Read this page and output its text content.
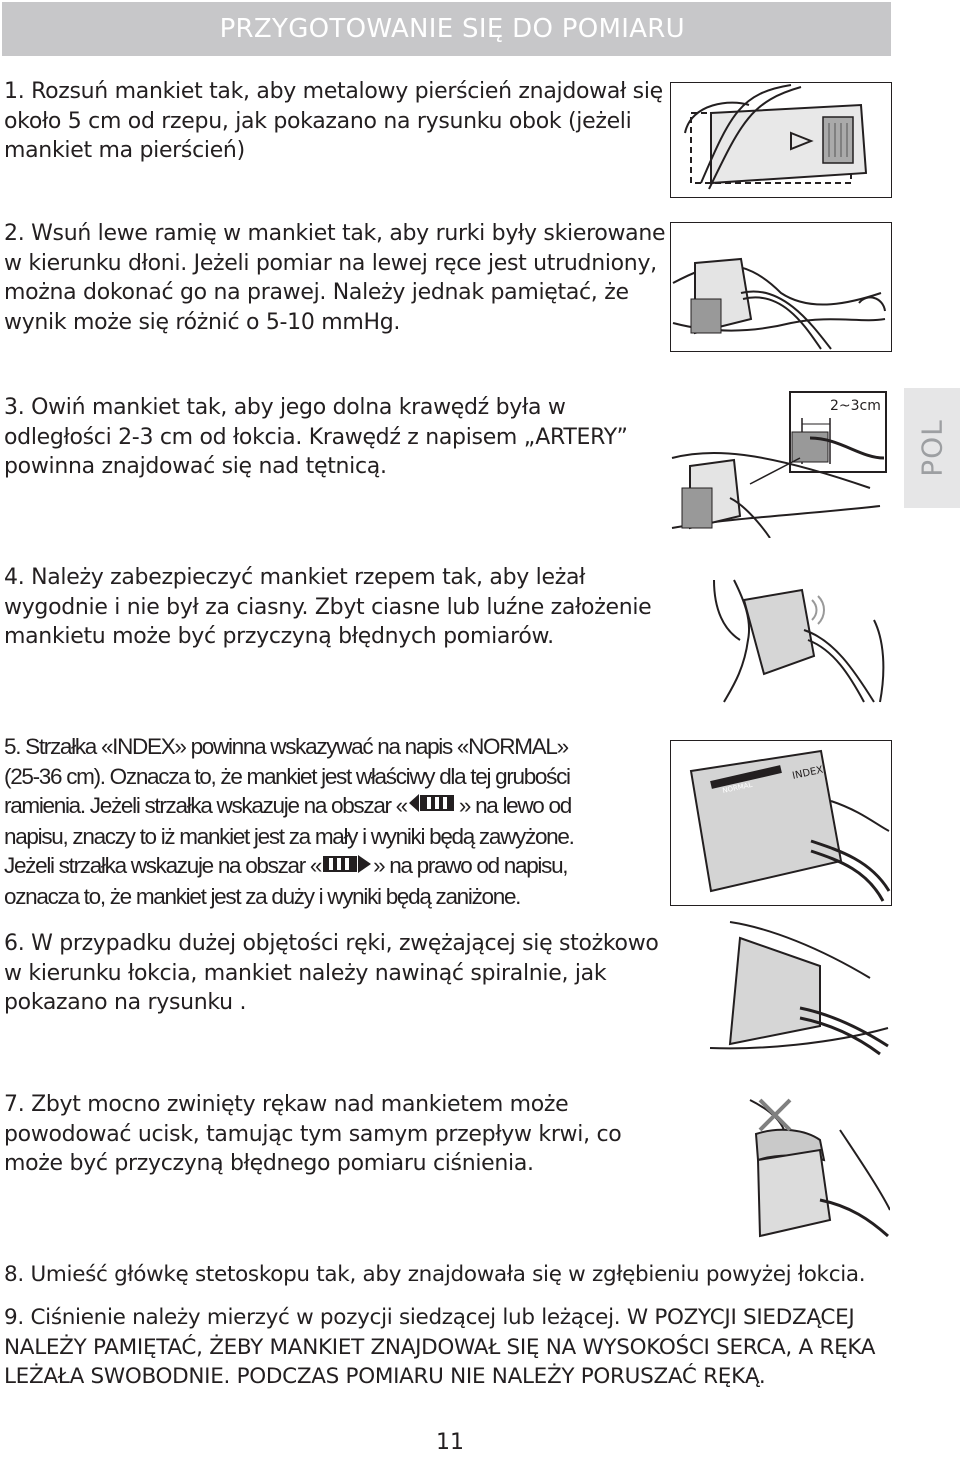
PRZYGOTOWANIE SIĘ DO POMIARU
POL

1. Rozsuń mankiet tak, aby metalowy pierścień znajdował się

około 5 cm od rzepu, jak pokazano na rysunku obok (jeżeli

mankiet ma pierścień)

2. Wsuń lewe ramię w mankiet tak, aby rurki były skierowane

w kierunku dłoni. Jeżeli pomiar na lewej ręce jest utrudniony,

można dokonać go na prawej. Należy jednak pamiętać, że

wynik może się różnić o 5-10 mmHg.

3. Owiń mankiet tak, aby jego dolna krawędź była w

odległości 2-3 cm od łokcia. Krawędź z napisem „ARTERY”

powinna znajdować się nad tętnicą.

4. Należy zabezpieczyć mankiet rzepem tak, aby leżał

wygodnie i nie był za ciasny. Zbyt ciasne lub luźne założenie

mankietu może być przyczyną błędnych pomiarów.

5. Strzałka «INDEX» powinna wskazywać na napis «NORMAL»

(25-36 cm). Oznacza to, że mankiet jest właściwy dla tej grubości

ramienia. Jeżeli strzałka wskazuje na obszar « » na lewo od

napisu, znaczy to iż mankiet jest za mały i wyniki będą zawyżone.

Jeżeli strzałka wskazuje na obszar « » na prawo od napisu,

oznacza to, że mankiet jest za duży i wyniki będą zaniżone.

6. W przypadku dużej objętości ręki, zwężającej się stożkowo

w kierunku łokcia, mankiet należy nawinąć spiralnie, jak

pokazano na rysunku .

7. Zbyt mocno zwinięty rękaw nad mankietem może

powodować ucisk, tamując tym samym przepływ krwi, co

może być przyczyną błędnego pomiaru ciśnienia.

8. Umieść główkę stetoskopu tak, aby znajdowała się w zgłębieniu powyżej łokcia.

9. Ciśnienie należy mierzyć w pozycji siedzącej lub leżącej. W POZYCJI SIEDZĄCEJ

NALEŻY PAMIĘTAĆ, ŻEBY MANKIET ZNAJDOWAŁ SIĘ NA WYSOKOŚCI SERCA, A RĘKA

LEŻAŁA SWOBODNIE. PODCZAS POMIARU NIE NALEŻY PORUSZAĆ RĘKĄ.

2~3cm
INDEX
NORMAL
11
